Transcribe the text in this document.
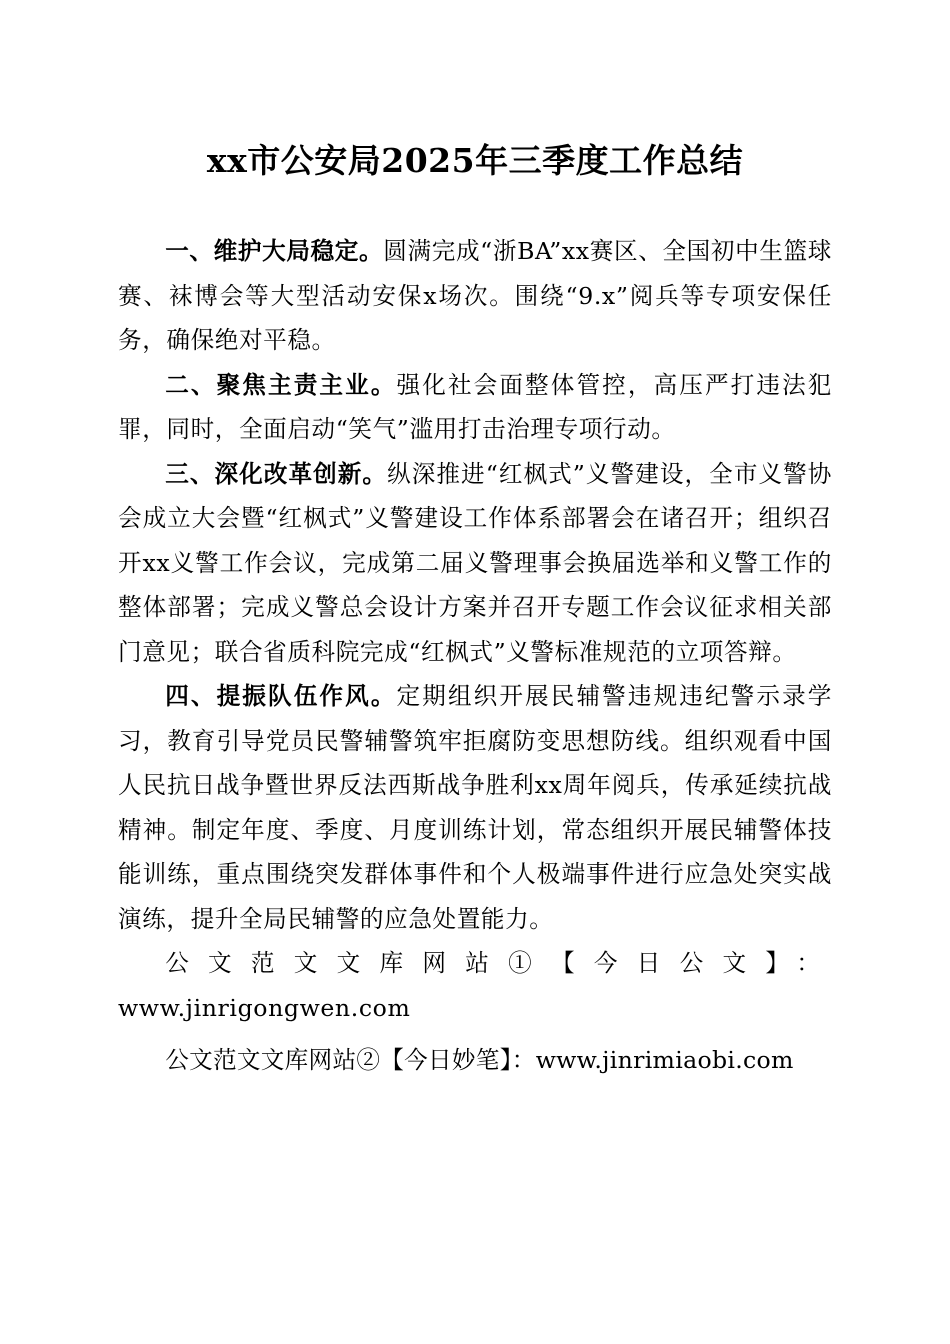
xx市公安局2025年三季度工作总结

一、维护大局稳定。圆满完成“浙BA”xx赛区、全国初中生篮球赛、袜博会等大型活动安保x场次。围绕“9.x”阅兵等专项安保任务，确保绝对平稳。

二、聚焦主责主业。强化社会面整体管控，高压严打违法犯罪，同时，全面启动“笑气”滥用打击治理专项行动。

三、深化改革创新。纵深推进“红枫式”义警建设，全市义警协会成立大会暨“红枫式”义警建设工作体系部署会在诸召开；组织召开xx义警工作会议，完成第二届义警理事会换届选举和义警工作的整体部署；完成义警总会设计方案并召开专题工作会议征求相关部门意见；联合省质科院完成“红枫式”义警标准规范的立项答辩。

四、提振队伍作风。定期组织开展民辅警违规违纪警示录学习，教育引导党员民警辅警筑牢拒腐防变思想防线。组织观看中国人民抗日战争暨世界反法西斯战争胜利xx周年阅兵，传承延续抗战精神。制定年度、季度、月度训练计划，常态组织开展民辅警体技能训练，重点围绕突发群体事件和个人极端事件进行应急处突实战演练，提升全局民辅警的应急处置能力。

公文范文文库网站①【今日公文】：www.jinrigongwen.com

公文范文文库网站②【今日妙笔】：www.jinrimiaobi.com
